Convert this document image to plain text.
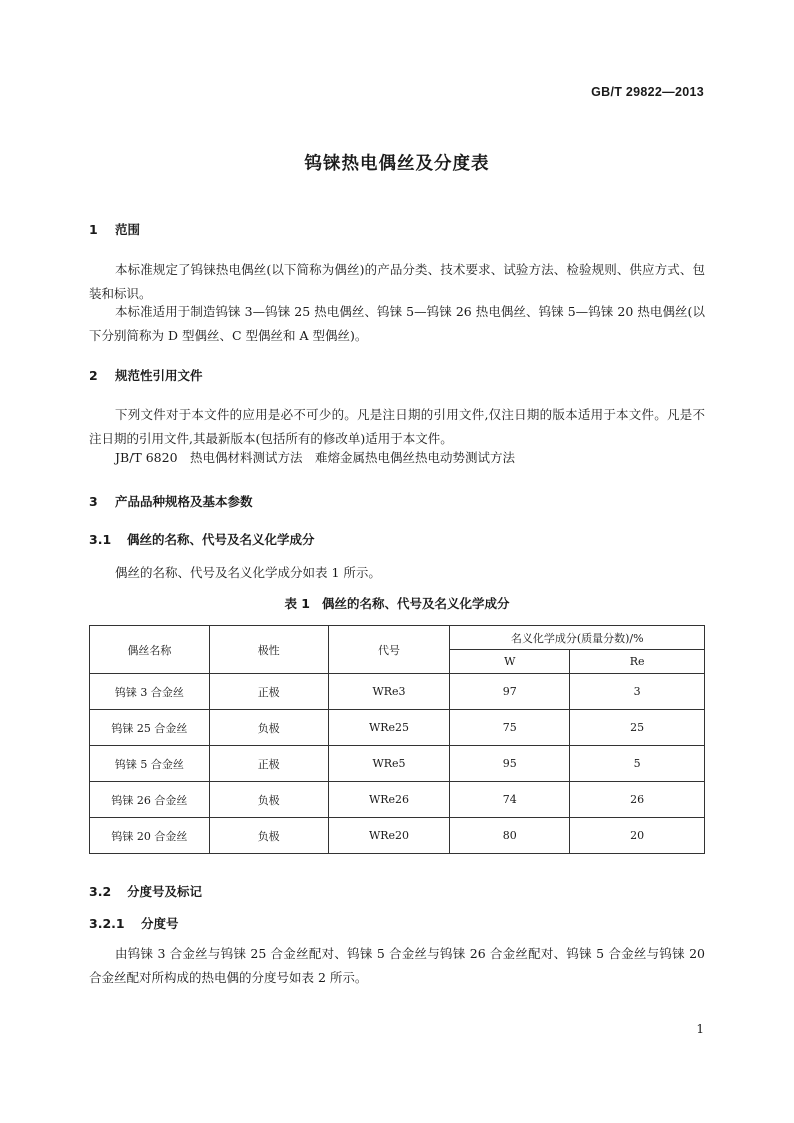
GB/T 29822—2013
钨铼热电偶丝及分度表
1 范围
本标准规定了钨铼热电偶丝(以下简称为偶丝)的产品分类、技术要求、试验方法、检验规则、供应方式、包装和标识。
本标准适用于制造钨铼 3—钨铼 25 热电偶丝、钨铼 5—钨铼 26 热电偶丝、钨铼 5—钨铼 20 热电偶丝(以下分别简称为 D 型偶丝、C 型偶丝和 A 型偶丝)。
2 规范性引用文件
下列文件对于本文件的应用是必不可少的。凡是注日期的引用文件,仅注日期的版本适用于本文件。凡是不注日期的引用文件,其最新版本(包括所有的修改单)适用于本文件。
JB/T 6820　热电偶材料测试方法　难熔金属热电偶丝热电动势测试方法
3 产品品种规格及基本参数
3.1 偶丝的名称、代号及名义化学成分
偶丝的名称、代号及名义化学成分如表 1 所示。
表 1 偶丝的名称、代号及名义化学成分
偶丝名称	极性	代号	名义化学成分(质量分数)/%	
			W	Re
钨铼 3 合金丝	正极	WRe3	97	3
钨铼 25 合金丝	负极	WRe25	75	25
钨铼 5 合金丝	正极	WRe5	95	5
钨铼 26 合金丝	负极	WRe26	74	26
钨铼 20 合金丝	负极	WRe20	80	20
3.2 分度号及标记
3.2.1 分度号
由钨铼 3 合金丝与钨铼 25 合金丝配对、钨铼 5 合金丝与钨铼 26 合金丝配对、钨铼 5 合金丝与钨铼 20 合金丝配对所构成的热电偶的分度号如表 2 所示。
1
